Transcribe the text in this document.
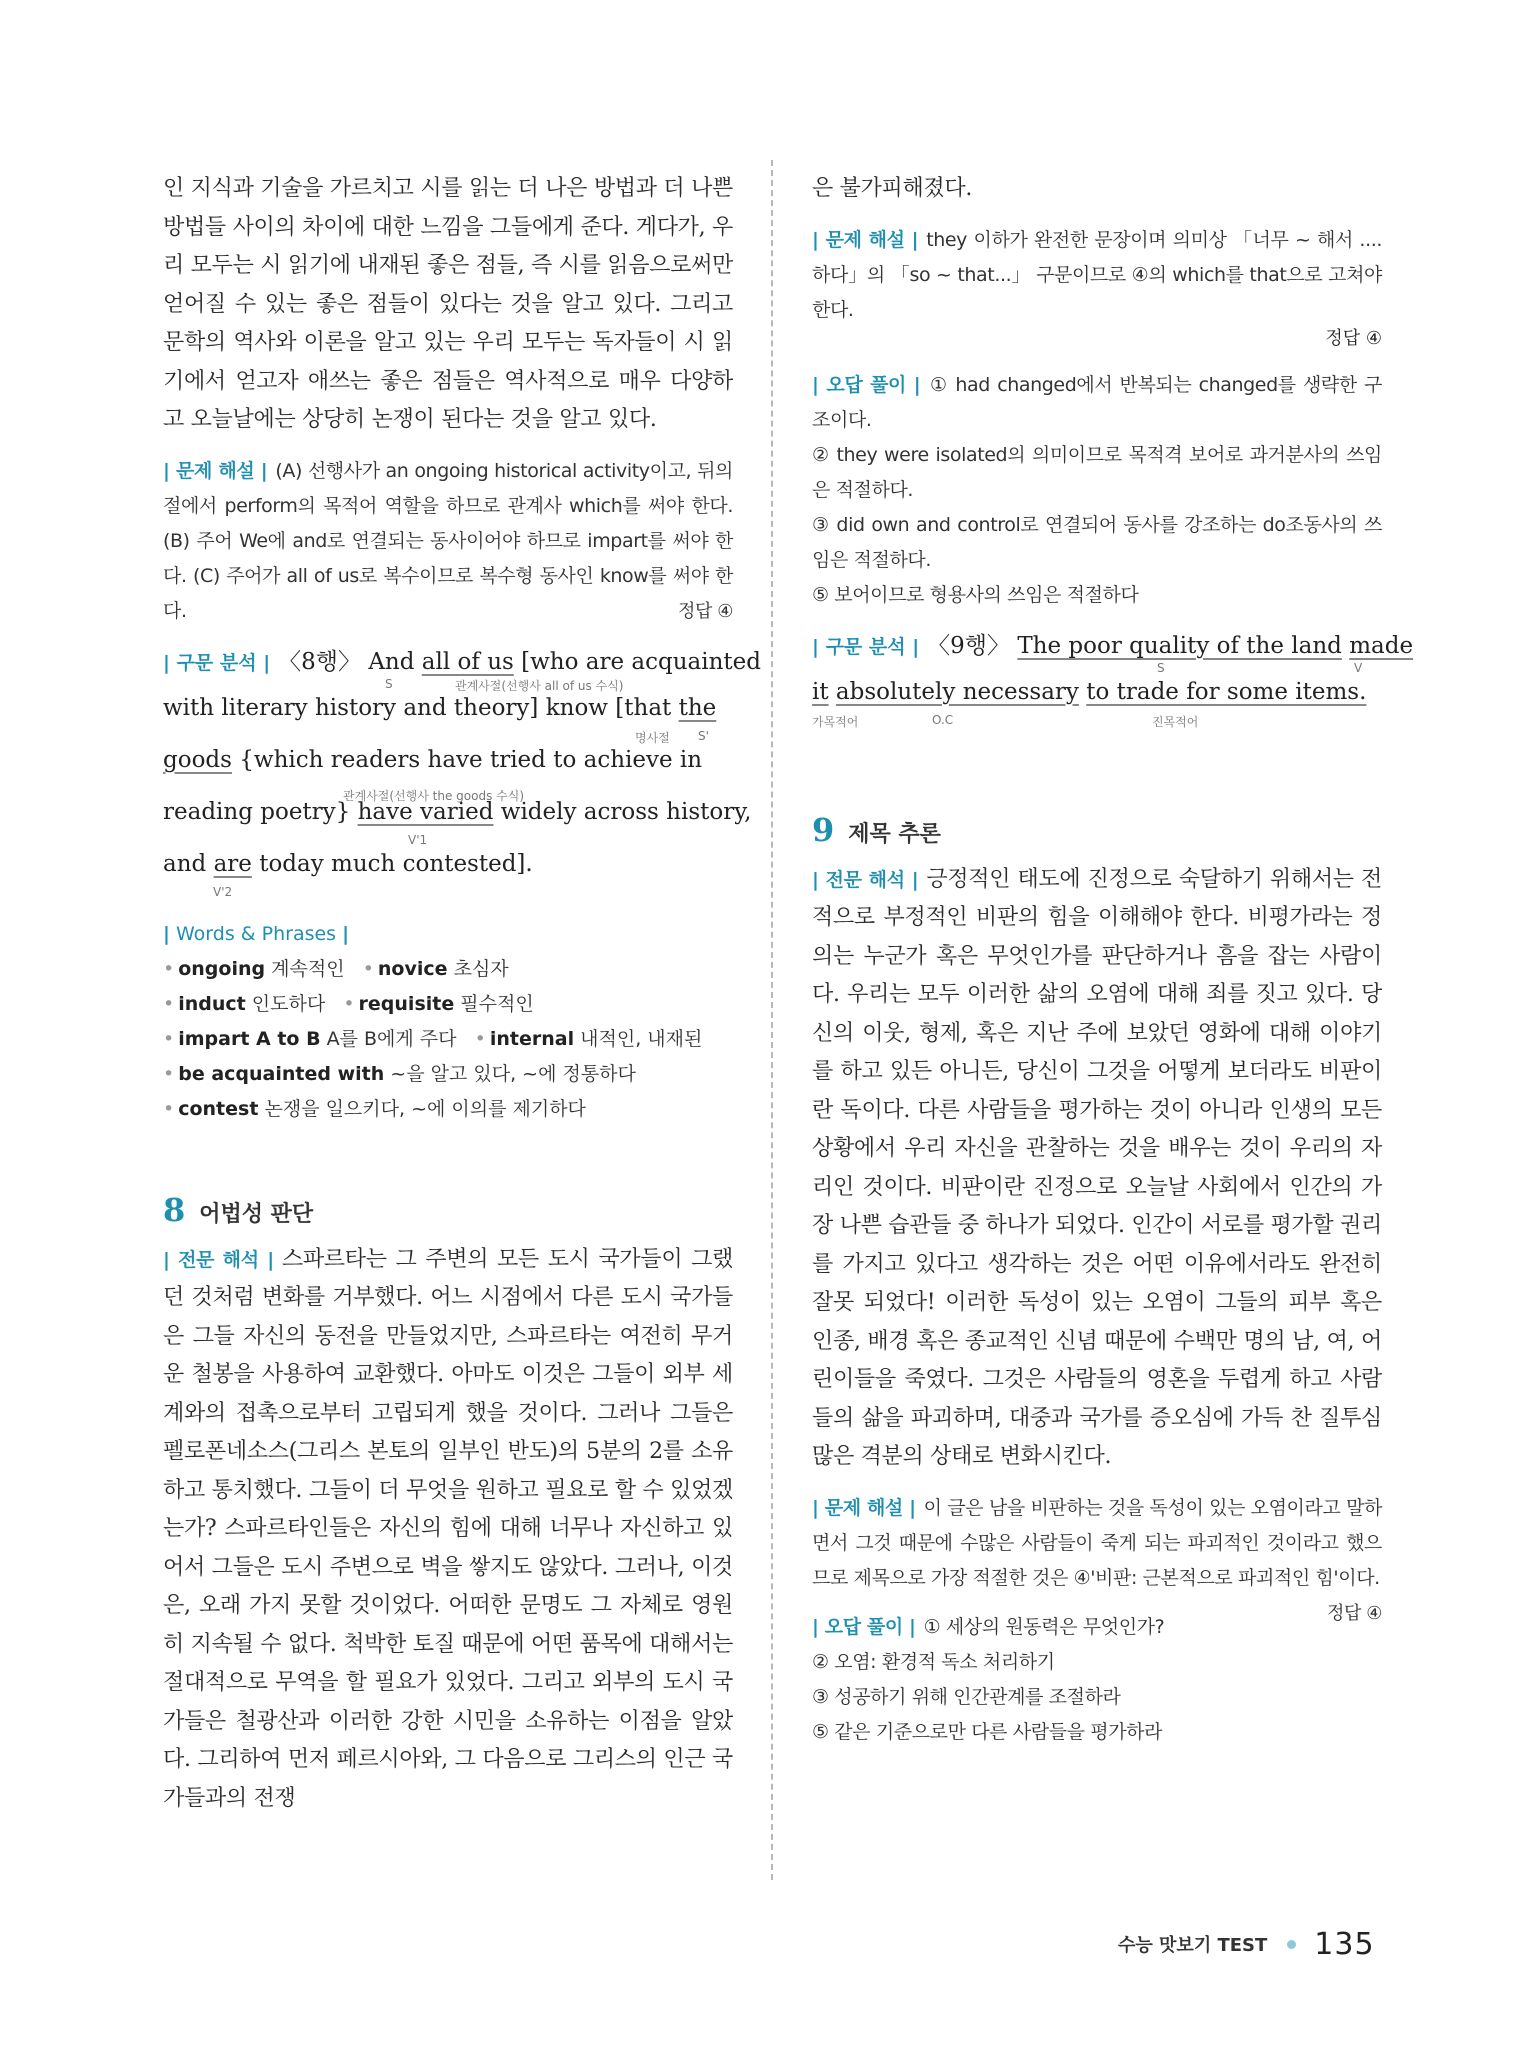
인 지식과 기술을 가르치고 시를 읽는 더 나은 방법과 더 나쁜 방법들 사이의 차이에 대한 느낌을 그들에게 준다. 게다가, 우리 모두는 시 읽기에 내재된 좋은 점들, 즉 시를 읽음으로써만 얻어질 수 있는 좋은 점들이 있다는 것을 알고 있다. 그리고 문학의 역사와 이론을 알고 있는 우리 모두는 독자들이 시 읽기에서 얻고자 애쓰는 좋은 점들은 역사적으로 매우 다양하고 오늘날에는 상당히 논쟁이 된다는 것을 알고 있다.
| 문제 해설 | (A) 선행사가 an ongoing historical activity이고, 뒤의 절에서 perform의 목적어 역할을 하므로 관계사 which를 써야 한다. (B) 주어 We에 and로 연결되는 동사이어야 하므로 impart를 써야 한다. (C) 주어가 all of us로 복수이므로 복수형 동사인 know를 써야 한다.	정답 ④
| 구문 분석 | 〈8행〉 And all of us [who are acquainted
S	관계사절(선행사 all of us 수식)
with literary history and theory] know [that the
명사절 S'
goods {which readers have tried to achieve in
관계사절(선행사 the goods 수식)
reading poetry} have varied widely across history,
V'1
and are today much contested].
V'2
| Words & Phrases |
• ongoing 계속적인 • novice 초심자
• induct 인도하다 • requisite 필수적인
• impart A to B A를 B에게 주다 • internal 내적인, 내재된
• be acquainted with ~을 알고 있다, ~에 정통하다
• contest 논쟁을 일으키다, ~에 이의를 제기하다
8 어법성 판단
| 전문 해석 | 스파르타는 그 주변의 모든 도시 국가들이 그랬던 것처럼 변화를 거부했다. 어느 시점에서 다른 도시 국가들은 그들 자신의 동전을 만들었지만, 스파르타는 여전히 무거운 철봉을 사용하여 교환했다. 아마도 이것은 그들이 외부 세계와의 접촉으로부터 고립되게 했을 것이다. 그러나 그들은 펠로폰네소스(그리스 본토의 일부인 반도)의 5분의 2를 소유하고 통치했다. 그들이 더 무엇을 원하고 필요로 할 수 있었겠는가? 스파르타인들은 자신의 힘에 대해 너무나 자신하고 있어서 그들은 도시 주변으로 벽을 쌓지도 않았다. 그러나, 이것은, 오래 가지 못할 것이었다. 어떠한 문명도 그 자체로 영원히 지속될 수 없다. 척박한 토질 때문에 어떤 품목에 대해서는 절대적으로 무역을 할 필요가 있었다. 그리고 외부의 도시 국가들은 철광산과 이러한 강한 시민을 소유하는 이점을 알았다. 그리하여 먼저 페르시아와, 그 다음으로 그리스의 인근 국가들과의 전쟁
은 불가피해졌다.
| 문제 해설 | they 이하가 완전한 문장이며 의미상 「너무 ~ 해서 .... 하다」의 「so ~ that...」 구문이므로 ④의 which를 that으로 고쳐야 한다.
정답 ④
| 오답 풀이 | ① had changed에서 반복되는 changed를 생략한 구조이다.
② they were isolated의 의미이므로 목적격 보어로 과거분사의 쓰임은 적절하다.
③ did own and control로 연결되어 동사를 강조하는 do조동사의 쓰임은 적절하다.
⑤ 보어이므로 형용사의 쓰임은 적절하다
| 구문 분석 | 〈9행〉 The poor quality of the land made
S	V
it absolutely necessary to trade for some items.
가목적어	O.C	진목적어
9 제목 추론
| 전문 해석 | 긍정적인 태도에 진정으로 숙달하기 위해서는 전적으로 부정적인 비판의 힘을 이해해야 한다. 비평가라는 정의는 누군가 혹은 무엇인가를 판단하거나 흠을 잡는 사람이다. 우리는 모두 이러한 삶의 오염에 대해 죄를 짓고 있다. 당신의 이웃, 형제, 혹은 지난 주에 보았던 영화에 대해 이야기를 하고 있든 아니든, 당신이 그것을 어떻게 보더라도 비판이란 독이다. 다른 사람들을 평가하는 것이 아니라 인생의 모든 상황에서 우리 자신을 관찰하는 것을 배우는 것이 우리의 자리인 것이다. 비판이란 진정으로 오늘날 사회에서 인간의 가장 나쁜 습관들 중 하나가 되었다. 인간이 서로를 평가할 권리를 가지고 있다고 생각하는 것은 어떤 이유에서라도 완전히 잘못 되었다! 이러한 독성이 있는 오염이 그들의 피부 혹은 인종, 배경 혹은 종교적인 신념 때문에 수백만 명의 남, 여, 어린이들을 죽였다. 그것은 사람들의 영혼을 두렵게 하고 사람들의 삶을 파괴하며, 대중과 국가를 증오심에 가득 찬 질투심 많은 격분의 상태로 변화시킨다.
| 문제 해설 | 이 글은 남을 비판하는 것을 독성이 있는 오염이라고 말하면서 그것 때문에 수많은 사람들이 죽게 되는 파괴적인 것이라고 했으므로 제목으로 가장 적절한 것은 ④'비판: 근본적으로 파괴적인 힘'이다.
정답 ④
| 오답 풀이 | ① 세상의 원동력은 무엇인가?
② 오염: 환경적 독소 처리하기
③ 성공하기 위해 인간관계를 조절하라
⑤ 같은 기준으로만 다른 사람들을 평가하라
수능 맛보기 TEST 135
